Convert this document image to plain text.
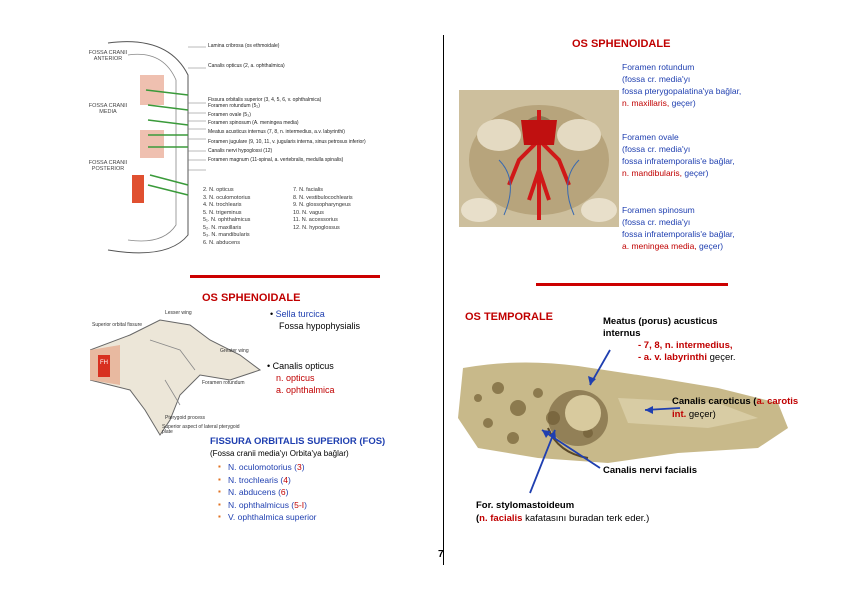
FOSSA CRANII ANTERIOR
FOSSA CRANII MEDIA
FOSSA CRANII POSTERIOR
Lamina cribrosa (os ethmoidale)
Canalis opticus (2, a. ophthalmica)
Fissura orbitalis superior (3, 4, 5, 6, v. ophthalmica)
Foramen rotundum (5₂)
Foramen ovale (5₃)
Foramen spinosum (A. meningea media)
Meatus acusticus internus (7, 8, n. intermedius, a.v. labyrinthi)
Foramen jugulare (9, 10, 11, v. jugularis interna, sinus petrosus inferior)
Canalis nervi hypoglossi (12)
Foramen magnum (11-spinal, a. vertebralis, medulla spinalis)
2. N. opticus
3. N. oculomotorius
4. N. trochlearis
5. N. trigeminus
5₁. N. ophthalmicus
5₂. N. maxillaris
5₃. N. mandibularis
6. N. abducens
7. N. facialis
8. N. vestibulocochlearis
9. N. glossopharyngeus
10. N. vagus
11. N. accessorius
12. N. hypoglossus
OS SPHENOIDALE
Foramen rotundum
(fossa cr. media'yı
fossa pterygopalatina'ya bağlar,
n. maxillaris, geçer)
Foramen ovale
(fossa cr. media'yı
fossa infratemporalis'e bağlar,
n. mandibularis, geçer)
Foramen spinosum
(fossa cr. media'yı
fossa infratemporalis'e bağlar,
a. meningea media, geçer)
OS SPHENOIDALE
FH
Superior orbital fissure
Lesser wing
Greater wing
Foramen rotundum
Pterygoid process
Superior aspect of lateral pterygoid plate
• Sella turcica
Fossa hypophysialis
• Canalis opticus
n. opticus
a. ophthalmica
FISSURA ORBITALIS SUPERIOR (FOS)
(Fossa cranii media'yı Orbita'ya bağlar)
▪ N. oculomotorius (3)
▪ N. trochlearis (4)
▪ N. abducens (6)
▪ N. ophthalmicus (5-I)
▪ V. ophthalmica superior
OS TEMPORALE	Meatus (porus) acusticus
internus
- 7, 8, n. intermedius,
- a. v. labyrinthi geçer.
Canalis caroticus (a. carotis int. geçer)
Canalis nervi facialis
For. stylomastoideum
(n. facialis kafatasını buradan terk eder.)
7
